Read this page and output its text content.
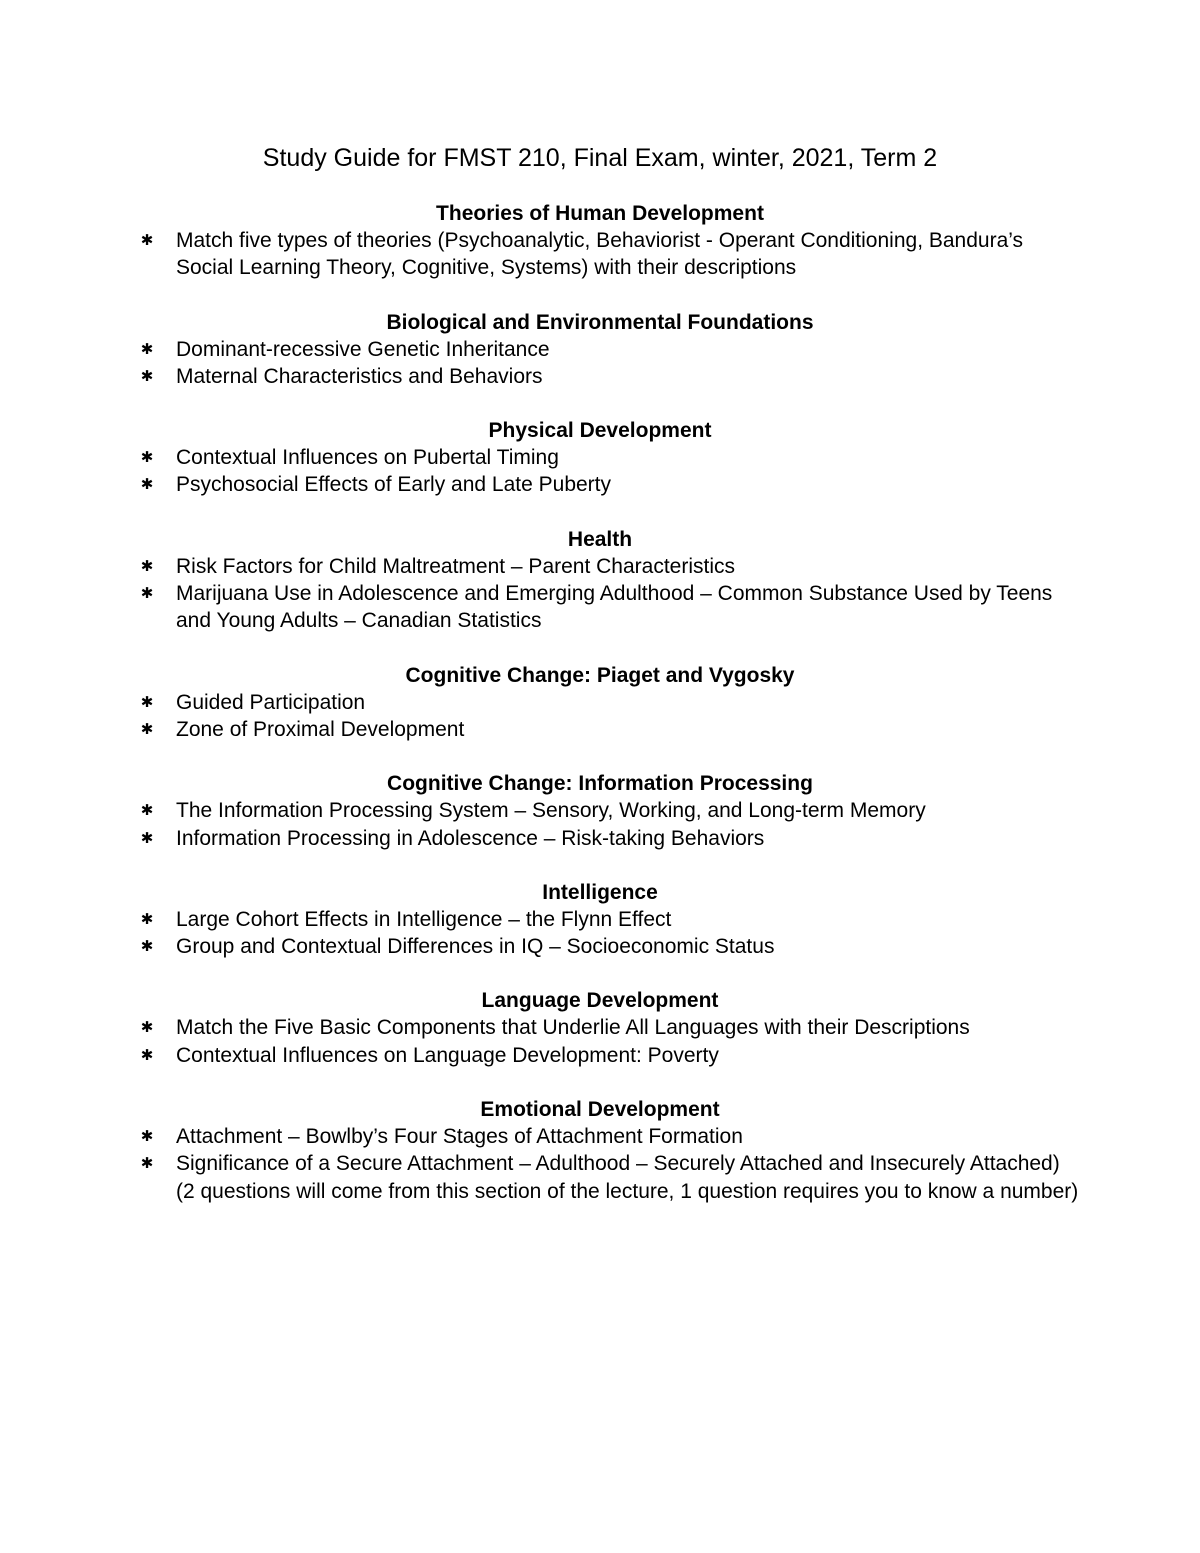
Study Guide for FMST 210, Final Exam, winter, 2021, Term 2
Theories of Human Development
✱ Match five types of theories (Psychoanalytic, Behaviorist - Operant Conditioning, Bandura’s Social Learning Theory, Cognitive, Systems) with their descriptions
Biological and Environmental Foundations
✱ Dominant-recessive Genetic Inheritance
✱ Maternal Characteristics and Behaviors
Physical Development
✱ Contextual Influences on Pubertal Timing
✱ Psychosocial Effects of Early and Late Puberty
Health
✱ Risk Factors for Child Maltreatment – Parent Characteristics
✱ Marijuana Use in Adolescence and Emerging Adulthood – Common Substance Used by Teens and Young Adults – Canadian Statistics
Cognitive Change: Piaget and Vygosky
✱ Guided Participation
✱ Zone of Proximal Development
Cognitive Change: Information Processing
✱ The Information Processing System – Sensory, Working, and Long-term Memory
✱ Information Processing in Adolescence – Risk-taking Behaviors
Intelligence
✱ Large Cohort Effects in Intelligence – the Flynn Effect
✱ Group and Contextual Differences in IQ – Socioeconomic Status
Language Development
✱ Match the Five Basic Components that Underlie All Languages with their Descriptions
✱ Contextual Influences on Language Development: Poverty
Emotional Development
✱ Attachment – Bowlby’s Four Stages of Attachment Formation
✱ Significance of a Secure Attachment – Adulthood – Securely Attached and Insecurely Attached) (2 questions will come from this section of the lecture, 1 question requires you to know a number)
